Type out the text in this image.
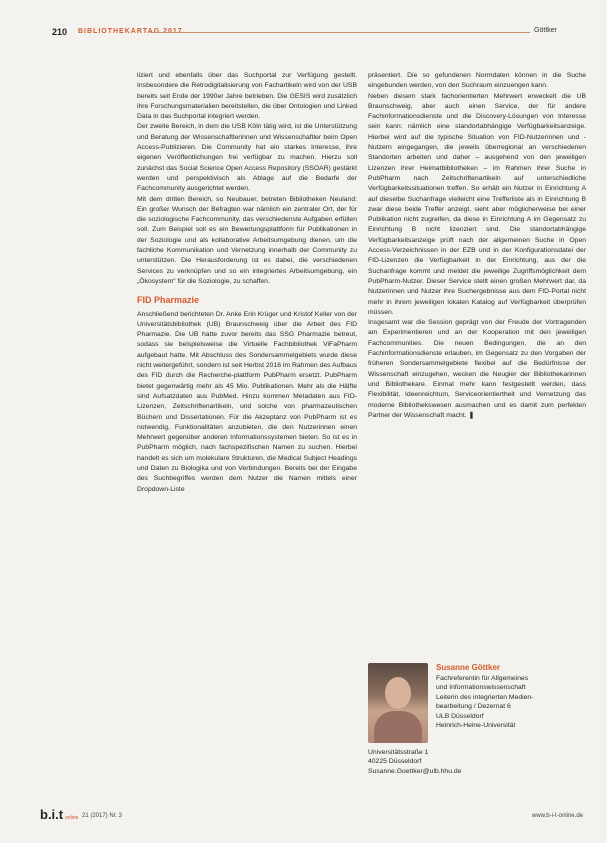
210 BIBLIOTHEKARTAG 2017	Göttker

liziert und ebenfalls über das Suchportal zur Verfügung gestellt. Insbesondere die Retrodigitalisierung von Fachartikeln wird von der USB bereits seit Ende der 1990er Jahre betrieben. Die GESIS wird zusätzlich ihre Forschungsmaterialien bereitstellen, die über Ontologien und Linked Data in das Suchportal integriert werden.

Der zweite Bereich, in dem die USB Köln tätig wird, ist die Unterstützung und Beratung der Wissenschaftlerinnen und Wissenschaftler beim Open Access-Publizieren. Die Community hat ein starkes Interesse, ihre eigenen Veröffentlichungen frei verfügbar zu machen. Hierzu soll zunächst das Social Science Open Access Repository (SSOAR) gestärkt werden und perspektivisch als Ablage auf die Bedarfe der Fachcommunity ausgerichtet werden.

Mit dem dritten Bereich, so Neubauer, betreten Bibliotheken Neuland: Ein großer Wunsch der Befragten war nämlich ein zentraler Ort, der für die soziologische Fachcommunity, das verschiedenste Aufgaben erfüllen soll. Zum Beispiel soll es ein Bewertungsplattform für Publikationen in der Soziologie und als kollaborative Arbeitsumgebung dienen, um die fachliche Kommunikation und Vernetzung innerhalb der Community zu unterstützen. Die Herausforderung ist es dabei, die verschiedenen Services zu verknüpfen und so ein integriertes Arbeitsumgebung, ein „Ökosystem“ für die Soziologie, zu schaffen.

FID Pharmazie

Anschließend berichteten Dr. Anke Erin Krüger und Kristof Keller von der Universitätsbibliothek (UB) Braunschweig über die Arbeit des FID Pharmazie. Die UB hatte zuvor bereits das SSG Pharmazie betreut, sodass sie beispielsweise die Virtuelle Fachbibliothek ViFaPharm aufgebaut hatte. Mit Abschluss des Sondersammelgebiets wurde diese nicht weitergeführt, sondern ist seit Herbst 2016 im Rahmen des Aufbaus des FID durch die Recherche-plattform PubPharm ersetzt. PubPharm bietet gegenwärtig mehr als 45 Mio. Publikationen. Mehr als die Hälfte sind Aufsatzdaten aus PubMed. Hinzu kommen Metadaten aus FID-Lizenzen, Zeitschriftenartikeln, und solche von pharmazeutischen Büchern und Dissertationen. Für die Akzeptanz von PubPharm ist es notwendig, Funktionalitäten anzubieten, die den Nutzerinnen einen Mehrwert gegenüber anderen Informationssystemen bieten. So ist es in PubPharm möglich, nach fachspezifischen Namen zu suchen. Hierbei handelt es sich um molekulare Strukturen, die Medical Subject Headings und Daten zu Biologika und von Verbindungen. Bereits bei der Eingabe des Suchbegriffes werden dem Nutzer die Namen mittels einer Dropdown-Liste

präsentiert. Die so gefundenen Normdaten können in die Suche eingebunden werden, von den Suchraum einzuengen kann.

Neben diesem stark fachorientierten Mehrwert erweckelt die UB Braunschweig, aber auch einen Service, der für andere Fachinformationsdienste und die Discovery-Lösungen von Interesse sein kann: nämlich eine standortabhängige Verfügbarkeitsanzeige. Hierbei wird auf die typische Situation von FID-Nutzerinnen und -Nutzern eingegangen, die jeweils überregional an verschiedenen Standorten arbeiten und daher – ausgehend von den jeweiligen Lizenzen ihrer Heimatbibliotheken – im Rahmen ihrer Suche in PubPharm nach Zeitschriftenartikeln auf unterschiedliche Verfügbarkeitssituationen treffen. So erhält ein Nutzer in Einrichtung A auf dieselbe Suchanfrage vielleicht eine Trefferliste als in Einrichtung B zwar diese beide Treffer anzeigt, sieht aber möglicherweise bei einer Publikation nicht zugreifen, da diese in Einrichtung A im Gegensatz zu Einrichtung B nicht lizenziert sind. Die standortabhängige Verfügbarkeitsanzeige prüft nach der allgemeinen Suche in Open Access-Verzeichnissen in der EZB und in der Konfigurationsdatei der FID-Lizenzen die Verfügbarkeit in der Einrichtung, aus der die Suchanfrage kommt und meldet die jeweilige Zugriffsmöglichkeit dem PubPharm-Nutzer. Dieser Service stellt einen großen Mehrwert dar, da Nutzerinnen und Nutzer ihre Suchergebnisse aus dem FID-Portal nicht mehr in ihrem jeweiligen lokalen Katalog auf Verfügbarkeit überprüfen müssen.

Insgesamt war die Session geprägt von der Freude der Vortragenden am Experimentieren und an der Kooperation mit den jeweiligen Fachcommunities. Die neuen Bedingungen, die an den Fachinformationsdienste erlauben, im Gegensatz zu den Vorgaben der früheren Sondersammelgebiete flexibel auf die Bedürfnisse der Wissenschaft einzugehen, wecken die Neugier der Bibliothekarinnen und Bibliothekare. Einmal mehr kann festgestellt werden, dass Flexibilität, Ideenreichtum, Serviceorientiertheit und Vernetzung das moderne Bibliothekswesen ausmachen und es damit zum perfekten Partner der Wissenschaft macht. ❚

Susanne Göttker
Fachreferentin für Allgemeines
und Informationswissenschaft
Leiterin des integrierten Medien-
bearbeitung / Dezernat 6
ULB Düsseldorf
Heinrich-Heine-Universität
Universitätsstraße 1
40225 Düsseldorf
Susanne.Goettker@ulb.hhu.de
b.i.t online 21 (2017) Nr. 3	www.b-i-t-online.de
